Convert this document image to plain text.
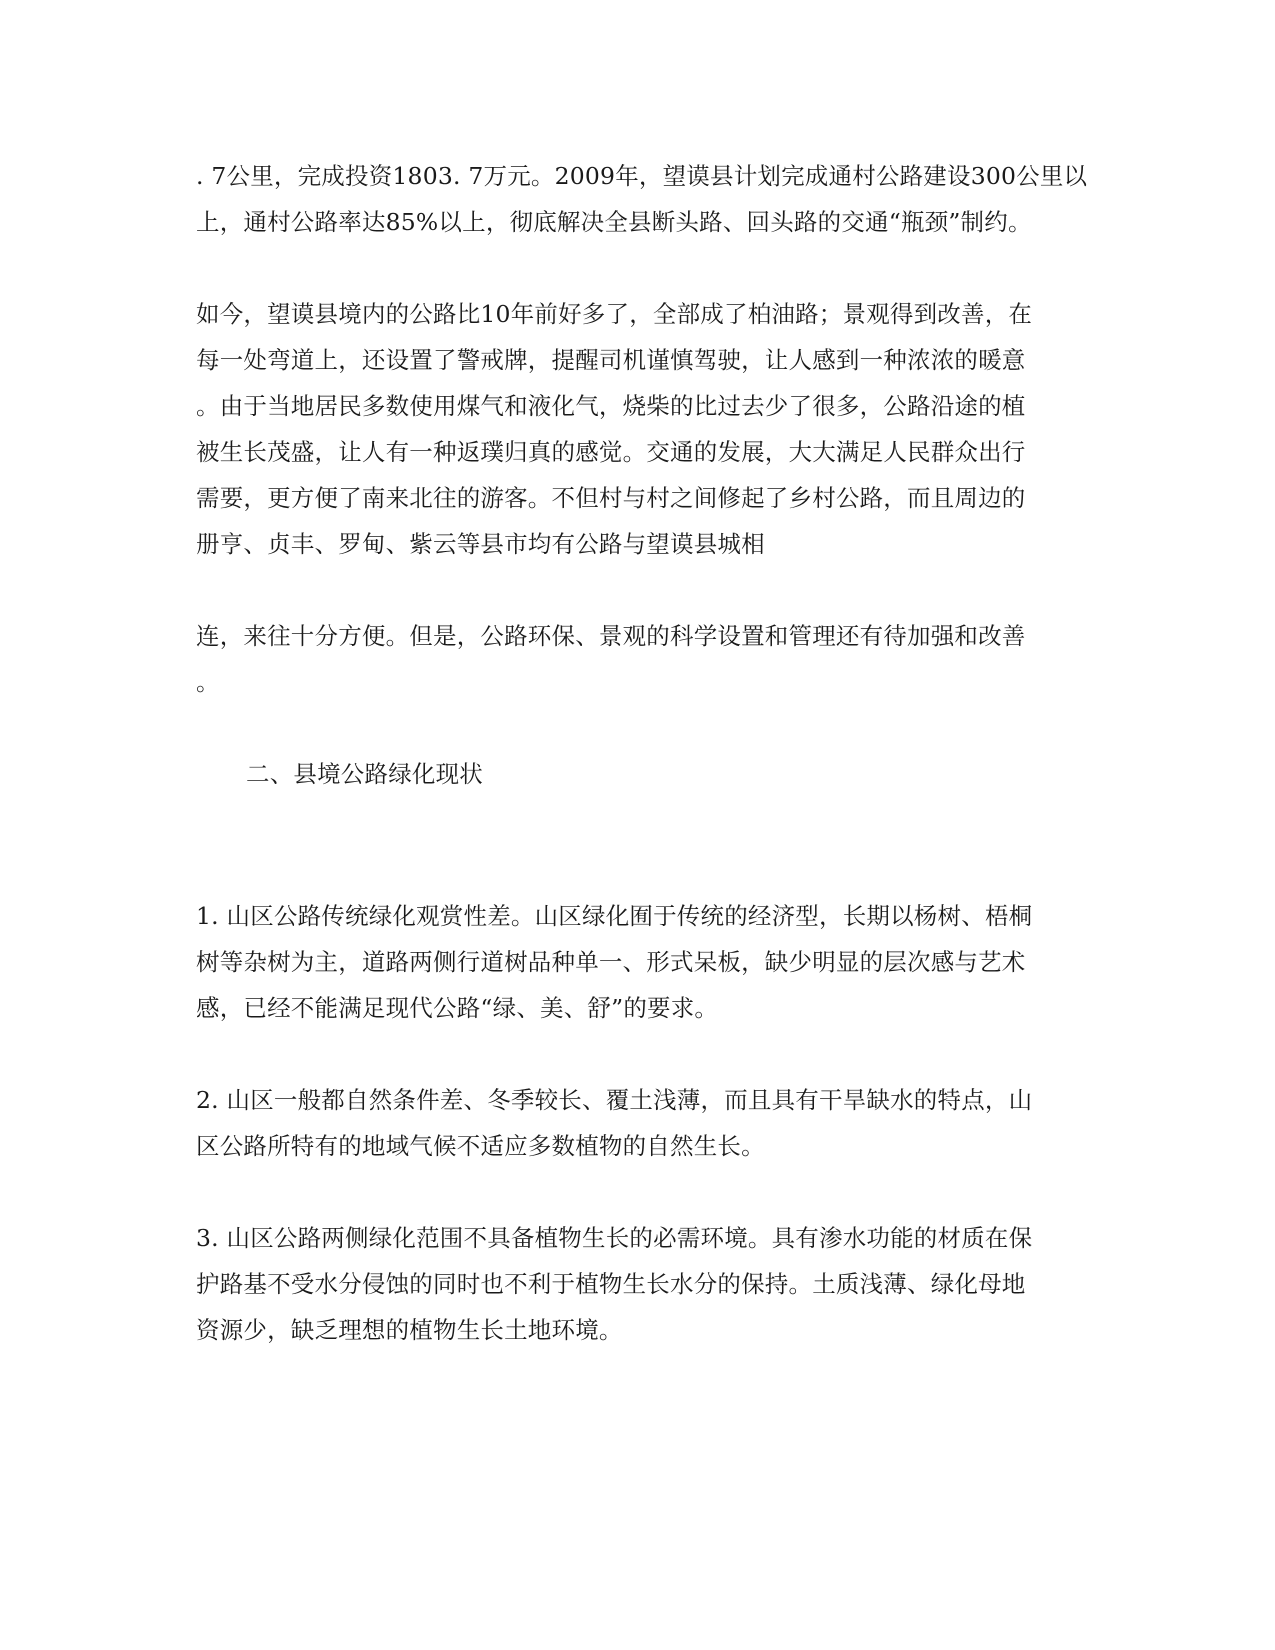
. 7公里，完成投资1803. 7万元。2009年，望谟县计划完成通村公路建设300公里以
上，通村公路率达85%以上，彻底解决全县断头路、回头路的交通“瓶颈”制约。
如今，望谟县境内的公路比10年前好多了，全部成了柏油路；景观得到改善，在
每一处弯道上，还设置了警戒牌，提醒司机谨慎驾驶，让人感到一种浓浓的暖意
。由于当地居民多数使用煤气和液化气，烧柴的比过去少了很多，公路沿途的植
被生长茂盛，让人有一种返璞归真的感觉。交通的发展，大大满足人民群众出行
需要，更方便了南来北往的游客。不但村与村之间修起了乡村公路，而且周边的
册亨、贞丰、罗甸、紫云等县市均有公路与望谟县城相
连，来往十分方便。但是，公路环保、景观的科学设置和管理还有待加强和改善
。
二、县境公路绿化现状
1. 山区公路传统绿化观赏性差。山区绿化囿于传统的经济型，长期以杨树、梧桐
树等杂树为主，道路两侧行道树品种单一、形式呆板，缺少明显的层次感与艺术
感，已经不能满足现代公路“绿、美、舒”的要求。
2. 山区一般都自然条件差、冬季较长、覆土浅薄，而且具有干旱缺水的特点，山
区公路所特有的地域气候不适应多数植物的自然生长。
3. 山区公路两侧绿化范围不具备植物生长的必需环境。具有渗水功能的材质在保
护路基不受水分侵蚀的同时也不利于植物生长水分的保持。土质浅薄、绿化母地
资源少，缺乏理想的植物生长土地环境。
